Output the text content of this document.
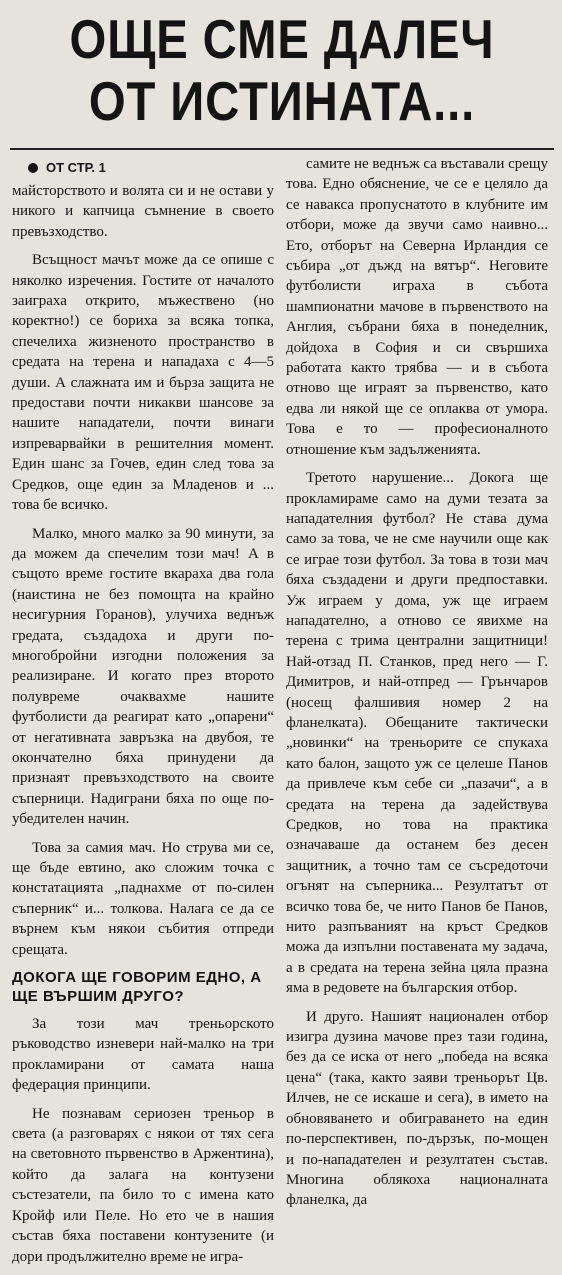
ОЩЕ СМЕ ДАЛЕЧ
ОТ ИСТИНАТА...
ОТ СТР. 1

майсторството и волята си и не остави у никого и капчица съмнение в своето превъзходство.

Всъщност мачът може да се опише с няколко изречения. Гостите от началото заиграха открито, мъжествено (но коректно!) се бориха за всяка топка, спечелиха жизненото пространство в средата на терена и нападаха с 4—5 души. А слажната им и бърза защита не предостави почти никакви шансове за нашите нападатели, почти винаги изпреварвайки в решителния момент. Един шанс за Гочев, един след това за Средков, още един за Младенов и ... това бе всичко.

Малко, много малко за 90 минути, за да можем да спечелим този мач! А в същото време гостите вкараха два гола (наистина не без помощта на крайно несигурния Горанов), улучиха веднъж гредата, създадоха и други по-многобройни изгодни положения за реализиране. И когато през второто полувреме очаквахме нашите футболисти да реагират като „опарени“ от негативната завръзка на двубоя, те окончателно бяха принудени да признаят превъзходството на своите съперници. Надиграни бяха по още по-убедителен начин.

Това за самия мач. Но струва ми се, ще бъде евтино, ако сложим точка с констатацията „паднахме от по-силен съперник“ и... толкова. Налага се да се върнем към някои събития отпреди срещата.

ДОКОГА ЩЕ ГОВОРИМ ЕДНО, А ЩЕ ВЪРШИМ ДРУГО?

За този мач треньорското ръководство изневери най-малко на три прокламирани от самата наша федерация принципи.

Не познавам сериозен треньор в света (а разговарях с някои от тях сега на световното първенство в Аржентина), който да залага на контузени състезатели, па било то с имена като Кройф или Пеле. Но ето че в нашия състав бяха поставени контузените (и дори продължително време не игра-

самите не веднъж са въставали срещу това. Едно обяснение, че се е целяло да се навакса пропуснатото в клубните им отбори, може да звучи само наивно... Ето, отборът на Северна Ирландия се събира „от дъжд на вятър“. Неговите футболисти играха в събота шампионатни мачове в първенството на Англия, събрани бяха в понеделник, дойдоха в София и си свършиха работата както трябва — и в събота отново ще играят за първенство, като едва ли някой ще се оплаква от умора. Това е то — професионалното отношение към задълженията.

Третото нарушение... Докога ще прокламираме само на думи тезата за нападателния футбол? Не става дума само за това, че не сме научили още как се играе този футбол. За това в този мач бяха създадени и други предпоставки. Уж играем у дома, уж ще играем нападателно, а отново се явихме на терена с трима централни защитници! Най-отзад П. Станков, пред него — Г. Димитров, и най-отпред — Грънчаров (носещ фалшивия номер 2 на фланелката). Обещаните тактически „новинки“ на треньорите се спукаха като балон, защото уж се целеше Панов да привлече към себе си „пазачи“, а в средата на терена да задействува Средков, но това на практика означаваше да останем без десен защитник, а точно там се съсредоточи огънят на съперника... Резултатът от всичко това бе, че нито Панов бе Панов, нито разпъваният на кръст Средков можа да изпълни поставената му задача, а в средата на терена зейна цяла празна яма в редовете на българския отбор.

И друго. Нашият национален отбор изигра дузина мачове през тази година, без да се иска от него „победа на всяка цена“ (така, както заяви треньорът Цв. Илчев, не се искаше и сега), в името на обновяването и обиграването на един по-перспективен, по-дързък, по-мощен и по-нападателен и резултатен състав. Многина облякоха националната фланелка, да
